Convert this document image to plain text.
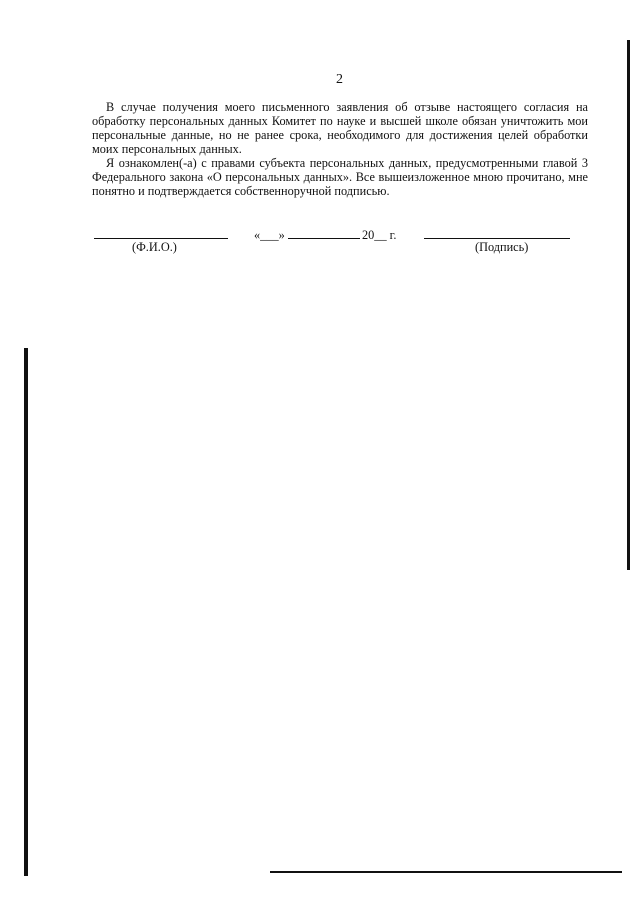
2

В случае получения моего письменного заявления об отзыве настоящего согласия на обработку персональных данных Комитет по науке и высшей школе обязан уничтожить мои персональные данные, но не ранее срока, необходимого для достижения целей обработки моих персональных данных.

Я ознакомлен(-а) с правами субъекта персональных данных, предусмотренными главой 3 Федерального закона «О персональных данных». Все вышеизложенное мною прочитано, мне понятно и подтверждается собственноручной подписью.

«___»	20__ г.
(Ф.И.О.)	(Подпись)
